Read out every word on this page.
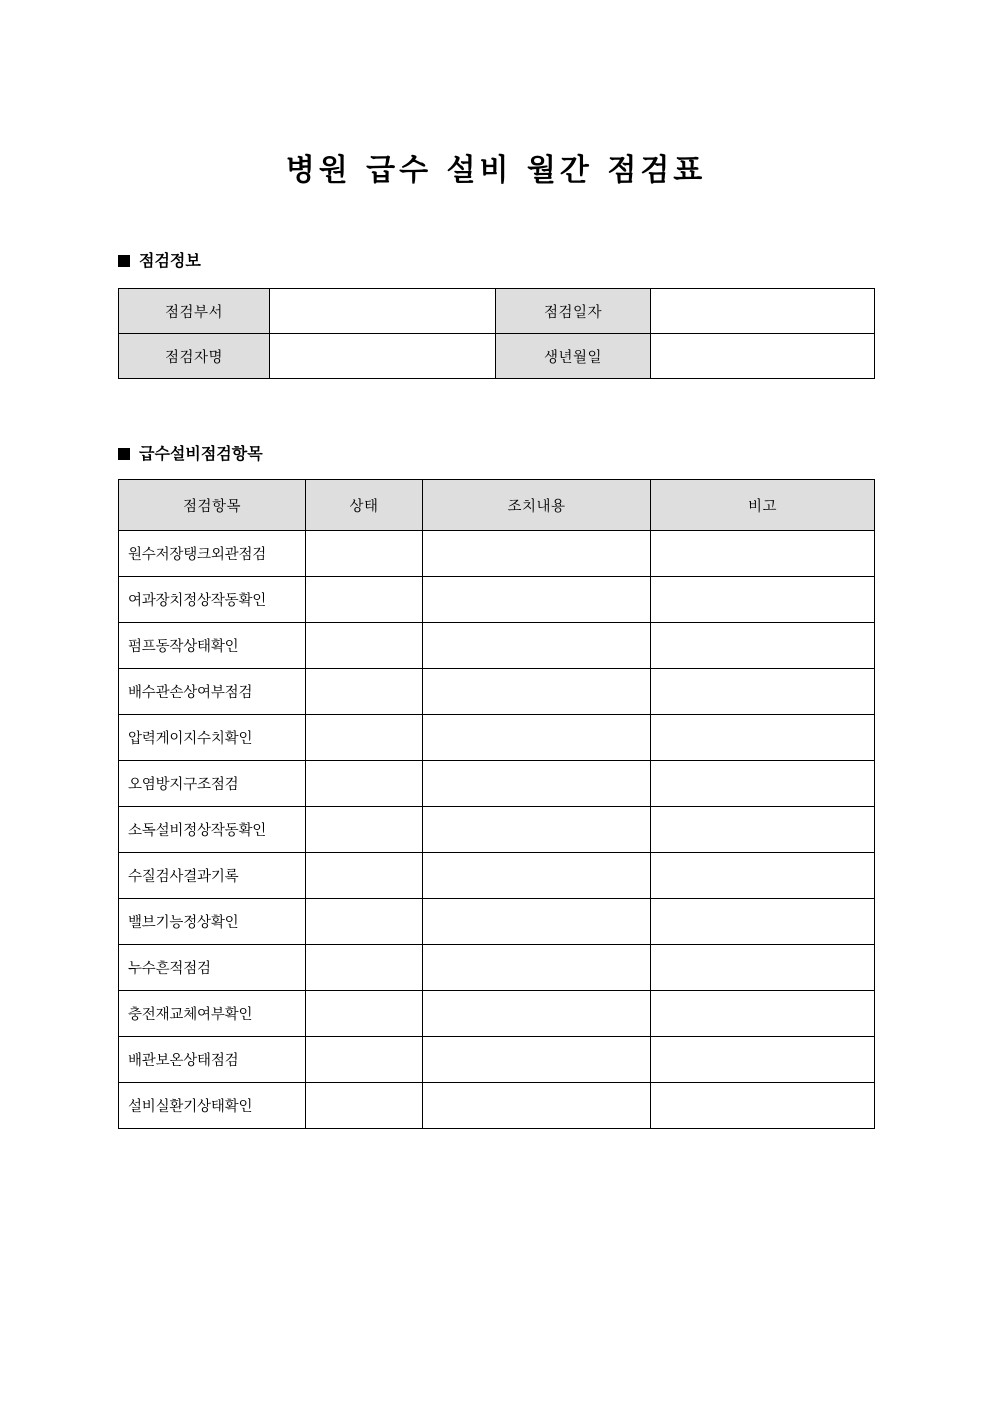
병원 급수 설비 월간 점검표
점검정보
점검부서		점검일자	
점검자명		생년월일	
급수설비점검항목
점검항목	상태	조치내용	비고
원수저장탱크외관점검			
여과장치정상작동확인			
펌프동작상태확인			
배수관손상여부점검			
압력게이지수치확인			
오염방지구조점검			
소독설비정상작동확인			
수질검사결과기록			
밸브기능정상확인			
누수흔적점검			
충전재교체여부확인			
배관보온상태점검			
설비실환기상태확인			
